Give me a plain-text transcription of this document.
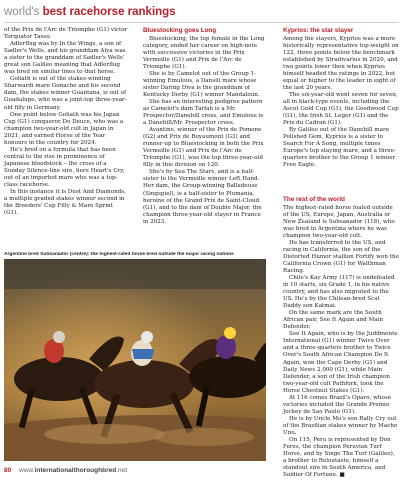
world's best racehorse rankings

of the Prix de l'Arc de Triomphe (G1) victor Torquator Tasso.

Adlerflug was by In the Wings, a son of Sadler's Wells, and his granddam Alya was a sister to the granddam of Sadler's Wells' great son Galileo meaning that Adlerflug was bred on similar lines to that horse.

Goliath is out of the stakes-winning Sharwardi mare Gonache and his second dam, the stakes winner Guantana, is out of Guadalupe, who was a joint-top three-year-old filly in Germany.

One point below Goliath was his Japan Cup (G1) conqueror Do Deuce, who was a champion two-year-old colt in Japan in 2021, and earned Horse of the Year honours in the country for 2024.

He's bred on a formula that has been central to the rise in prominence of Japanese bloodstock – the cross of a Sunday Silence-line sire, here Heart's Cry, out of an imported mare who was a top-class racehorse.

In this instance it is Dust And Diamonds, a multiple graded stakes winner second in the Breeders' Cup Filly & Mare Sprint (G1).

Bluestocking goes Long

Bluestocking, the top female in the Long category, ended her career on high-note with successive victories in the Prix Vermeille (G1) and Prix de l'Arc de Triomphe (G1).

She is by Camelot out of the Group 1-winning Emulous, a Dansili mare whose sister Daring Diva is the granddam of Kentucky Derby (G1) winner Mandaloun.

She has an interesting pedigree pattern as Camelot's dam Tarfah is a Mr. Prospector/Danehill cross, and Emulous is a Danehill/Mr. Prospector cross.

Avantine, winner of the Prix de Pomone (G2) and Prix de Royaumont (G3) and runner-up to Bluestocking in both the Prix Vermeille (G1) and Prix de l'Arc de Triomphe (G1), was the top three-year-old filly in this division on 120.

She's by Sea The Stars, and is a half-sister to the Vermeille winner Left Hand. Her dam, the Group-winning Balladeuse (Singspiel), is a half-sister to Plumania, heroine of the Grand Prix de Saint-Cloud (G1), and to the dam of Double Major, the champion three-year-old stayer in France in 2023.

Kyprios: the star stayer

Among the stayers, Kyprios was a more historically representative top-weight on 122, three points below the benchmark established by Stradivarius in 2020, and two points lower then when Kyprios himself headed the ratings in 2022, but equal or higher to the leader in eight of the last 20 years.

The six-year-old went seven for seven, all in black-type events, including the Ascot Gold Cup (G1), the Goodwood Cup (G1), the Irish St. Leger (G1) and the Prix du Cadran (G1).

By Galileo out of the Danehill mare Polished Gem, Kyprios is a sister to Search For A Song, multiple times Europe's top staying mare, and a three-quarters brother to the Group 1 winner Free Eagle.

The rest of the world

The highest-rated horse foaled outside of the US, Europe, Japan, Australia or New Zealand is Subsanador (118), who was bred in Argentina where he was champion two-year-old colt.

He has transferred to the US, and racing in California, the son of the Distorted Humor stallion Fortify won the California Crown (G1) for Walthman Racing.

Chile's Kay Army (117) is undefeated in 10 starts, six Grade 1, in his native country, and has also migrated to the US. He's by the Chilean-bred Scat Daddy son Katmai.

On the same mark are the South African pair, See It Again and Main Defender.

See It Again, who is by the Juddmonte International (G1) winner Twice Over and a three-quarters brother to Twice Over's South African Champion Do It Again, won the Cape Derby (G1) and Daily News 2,000 (G1), while Main Defender, a son of the Irish champion two-year-old colt Pathfork, took the Horse Chestnut Stakes (G1).

At 116 comes Brazil's Oparo, whose victories included the Grande Premio Jockey de Sao Paulo (G1).

He is by Uncle Mo's son Rally Cry out of the Brazilian stakes winner by Macho Uno.

On 115, Peru is represented by Don Feres, the champion Peruvian Turf Horse, and by Singe The Turf (Galileo), a brother to Reloutaste, himself a standout sire in South America, and Soldier Of Fortune. ■

Argentine bred Subsanador (centre): the highest-rated horse bred outside the major racing nations
80 www.internationalthoroughbred.net
